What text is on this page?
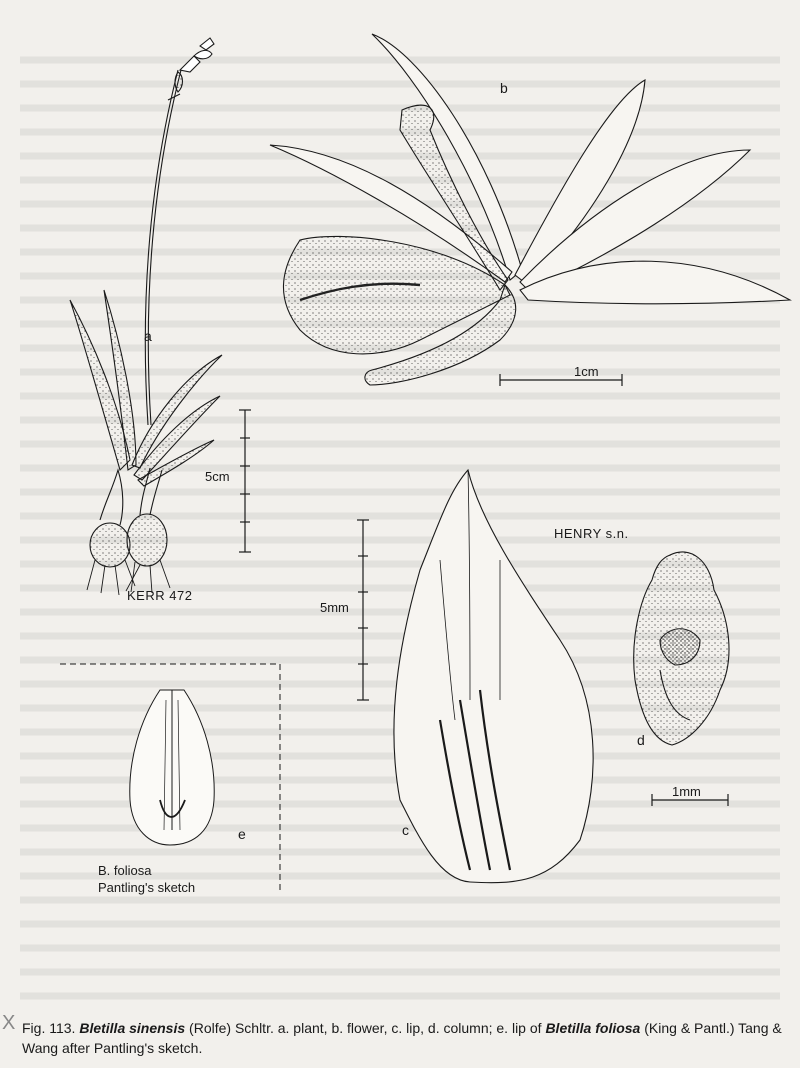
a
b
c
d
e
5cm
1cm
5mm
1mm
KERR 472
HENRY s.n.
B. foliosa
Pantling's sketch
X Fig. 113. Bletilla sinensis (Rolfe) Schltr. a. plant, b. flower, c. lip, d. column; e. lip of Bletilla foliosa (King & Pantl.) Tang & Wang after Pantling's sketch.
